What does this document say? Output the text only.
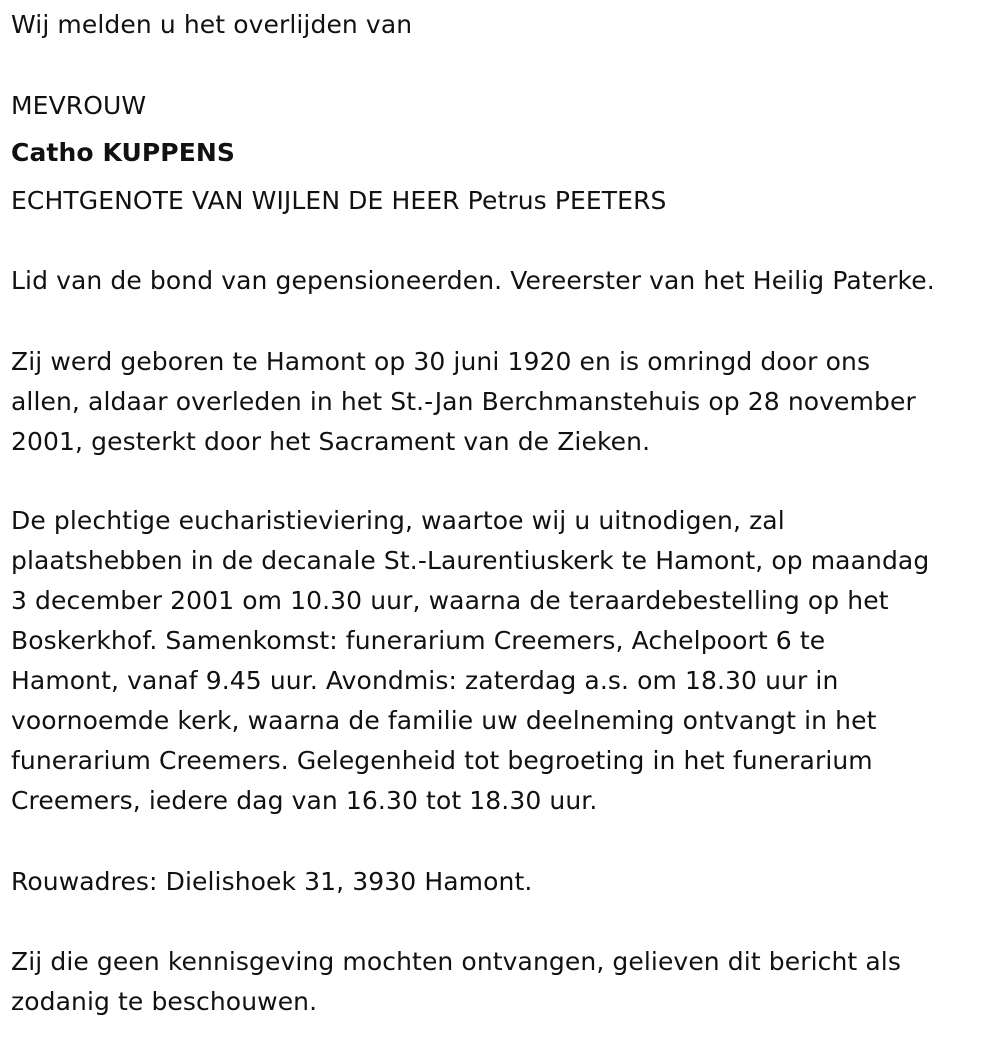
Wij melden u het overlijden van
MEVROUW
Catho KUPPENS
ECHTGENOTE VAN WIJLEN DE HEER Petrus PEETERS
Lid van de bond van gepensioneerden. Vereerster van het Heilig Paterke.
Zij werd geboren te Hamont op 30 juni 1920 en is omringd door ons
allen, aldaar overleden in het St.-Jan Berchmanstehuis op 28 november
2001, gesterkt door het Sacrament van de Zieken.
De plechtige eucharistieviering, waartoe wij u uitnodigen, zal
plaatshebben in de decanale St.-Laurentiuskerk te Hamont, op maandag
3 december 2001 om 10.30 uur, waarna de teraardebestelling op het
Boskerkhof. Samenkomst: funerarium Creemers, Achelpoort 6 te
Hamont, vanaf 9.45 uur. Avondmis: zaterdag a.s. om 18.30 uur in
voornoemde kerk, waarna de familie uw deelneming ontvangt in het
funerarium Creemers. Gelegenheid tot begroeting in het funerarium
Creemers, iedere dag van 16.30 tot 18.30 uur.
Rouwadres: Dielishoek 31, 3930 Hamont.
Zij die geen kennisgeving mochten ontvangen, gelieven dit bericht als
zodanig te beschouwen.
